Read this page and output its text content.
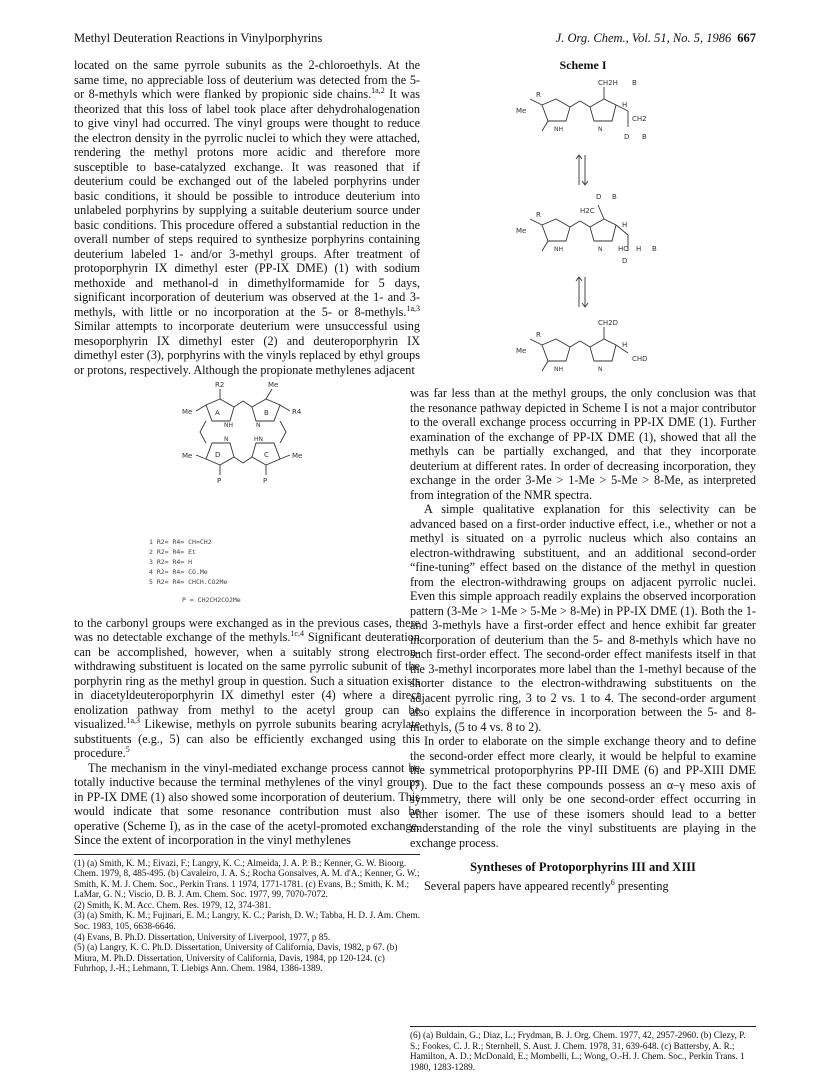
Methyl Deuteration Reactions in Vinylporphyrins	J. Org. Chem., Vol. 51, No. 5, 1986 667

located on the same pyrrole subunits as the 2-chloroethyls. At the same time, no appreciable loss of deuterium was detected from the 5- or 8-methyls which were flanked by propionic side chains.$^{1a,2}$ It was theorized that this loss of label took place after dehydrohalogenation to give vinyl had occurred. The vinyl groups were thought to reduce the electron density in the pyrrolic nuclei to which they were attached, rendering the methyl protons more acidic and therefore more susceptible to base-catalyzed exchange. It was reasoned that if deuterium could be exchanged out of the labeled porphyrins under basic conditions, it should be possible to introduce deuterium into unlabeled porphyrins by supplying a suitable deuterium source under basic conditions. This procedure offered a substantial reduction in the overall number of steps required to synthesize porphyrins containing deuterium labeled 1- and/or 3-methyl groups. After treatment of protoporphyrin IX dimethyl ester (PP-IX DME) (1) with sodium methoxide and methanol-d in dimethylformamide for 5 days, significant incorporation of deuterium was observed at the 1- and 3-methyls, with little or no incorporation at the 5- or 8-methyls.$^{1a,3}$ Similar attempts to incorporate deuterium were unsuccessful using mesoporphyrin IX dimethyl ester (2) and deuteroporphyrin IX dimethyl ester (3), porphyrins with the vinyls replaced by ethyl groups or protons, respectively. Although the propionate methylenes adjacent

R2	Me
Me	R4
Me	Me
P	P
A	B
C
D
NH	N
N	HN
1 R2= R4= CH=CH2
2 R2= R4= Et
3 R2= R4= H
4 R2= R4= CO.Me
5 R2= R4= CHCH.CO2Me
P = CH2CH2CO2Me

to the carbonyl groups were exchanged as in the previous cases, there was no detectable exchange of the methyls.$^{1c,4}$ Significant deuteration can be accomplished, however, when a suitably strong electron-withdrawing substituent is located on the same pyrrolic subunit of the porphyrin ring as the methyl group in question. Such a situation exists in diacetyldeuteroporphyrin IX dimethyl ester (4) where a direct enolization pathway from methyl to the acetyl group can be visualized.$^{1a,3}$ Likewise, methyls on pyrrole subunits bearing acrylate substituents (e.g., 5) can also be efficiently exchanged using this procedure.$^5$

The mechanism in the vinyl-mediated exchange process cannot be totally inductive because the terminal methylenes of the vinyl groups in PP-IX DME (1) also showed some incorporation of deuterium. This would indicate that some resonance contribution must also be operative (Scheme I), as in the case of the acetyl-promoted exchange. Since the extent of incorporation in the vinyl methylenes

(1) (a) Smith, K. M.; Eivazi, F.; Langry, K. C.; Almeida, J. A. P. B.; Kenner, G. W. Bioorg. Chem. 1979, 8, 485-495. (b) Cavaleiro, J. A. S.; Rocha Gonsalves, A. M. d'A.; Kenner, G. W.; Smith, K. M. J. Chem. Soc., Perkin Trans. 1 1974, 1771-1781. (c) Evans, B.; Smith, K. M.; LaMar, G. N.; Viscio, D. B. J. Am. Chem. Soc. 1977, 99, 7070-7072.
(2) Smith, K. M. Acc. Chem. Res. 1979, 12, 374-381.
(3) (a) Smith, K. M.; Fujinari, E. M.; Langry, K. C.; Parish, D. W.; Tabba, H. D. J. Am. Chem. Soc. 1983, 105, 6638-6646.
(4) Evans, B. Ph.D. Dissertation, University of Liverpool, 1977, p 85.
(5) (a) Langry, K. C. Ph.D. Dissertation, University of California, Davis, 1982, p 67. (b) Miura, M. Ph.D. Dissertation, University of California, Davis, 1984, pp 120-124. (c) Fuhrhop, J.-H.; Lehmann, T. Liebigs Ann. Chem. 1984, 1386-1389.
Scheme I
CH2H B
R
Me
NH	N
H
CH2
D B
D B
H2C
R
Me
NH	N
H
HC H B
D
CH2D
R
Me
NH	N
H
CHD

was far less than at the methyl groups, the only conclusion was that the resonance pathway depicted in Scheme I is not a major contributor to the overall exchange process occurring in PP-IX DME (1). Further examination of the exchange of PP-IX DME (1), showed that all the methyls can be partially exchanged, and that they incorporate deuterium at different rates. In order of decreasing incorporation, they exchange in the order 3-Me > 1-Me > 5-Me > 8-Me, as interpreted from integration of the NMR spectra.

A simple qualitative explanation for this selectivity can be advanced based on a first-order inductive effect, i.e., whether or not a methyl is situated on a pyrrolic nucleus which also contains an electron-withdrawing substituent, and an additional second-order “fine-tuning” effect based on the distance of the methyl in question from the electron-withdrawing groups on adjacent pyrrolic nuclei. Even this simple approach readily explains the observed incorporation pattern (3-Me > 1-Me > 5-Me > 8-Me) in PP-IX DME (1). Both the 1- and 3-methyls have a first-order effect and hence exhibit far greater incorporation of deuterium than the 5- and 8-methyls which have no such first-order effect. The second-order effect manifests itself in that the 3-methyl incorporates more label than the 1-methyl because of the shorter distance to the electron-withdrawing substituents on the adjacent pyrrolic ring, 3 to 2 vs. 1 to 4. The second-order argument also explains the difference in incorporation between the 5- and 8-methyls, (5 to 4 vs. 8 to 2).

In order to elaborate on the simple exchange theory and to define the second-order effect more clearly, it would be helpful to examine the symmetrical protoporphyrins PP-III DME (6) and PP-XIII DME (7). Due to the fact these compounds possess an α–γ meso axis of symmetry, there will only be one second-order effect occurring in either isomer. The use of these isomers should lead to a better understanding of the role the vinyl substituents are playing in the exchange process.

Syntheses of Protoporphyrins III and XIII

Several papers have appeared recently$^6$ presenting

(6) (a) Buldain, G.; Diaz, L.; Frydman, B. J. Org. Chem. 1977, 42, 2957-2960. (b) Clezy, P. S.; Fookes, C. J. R.; Sternhell, S. Aust. J. Chem. 1978, 31, 639-648. (c) Battersby, A. R.; Hamilton, A. D.; McDonald, E.; Mombelli, L.; Wong, O.-H. J. Chem. Soc., Perkin Trans. 1 1980, 1283-1289.
